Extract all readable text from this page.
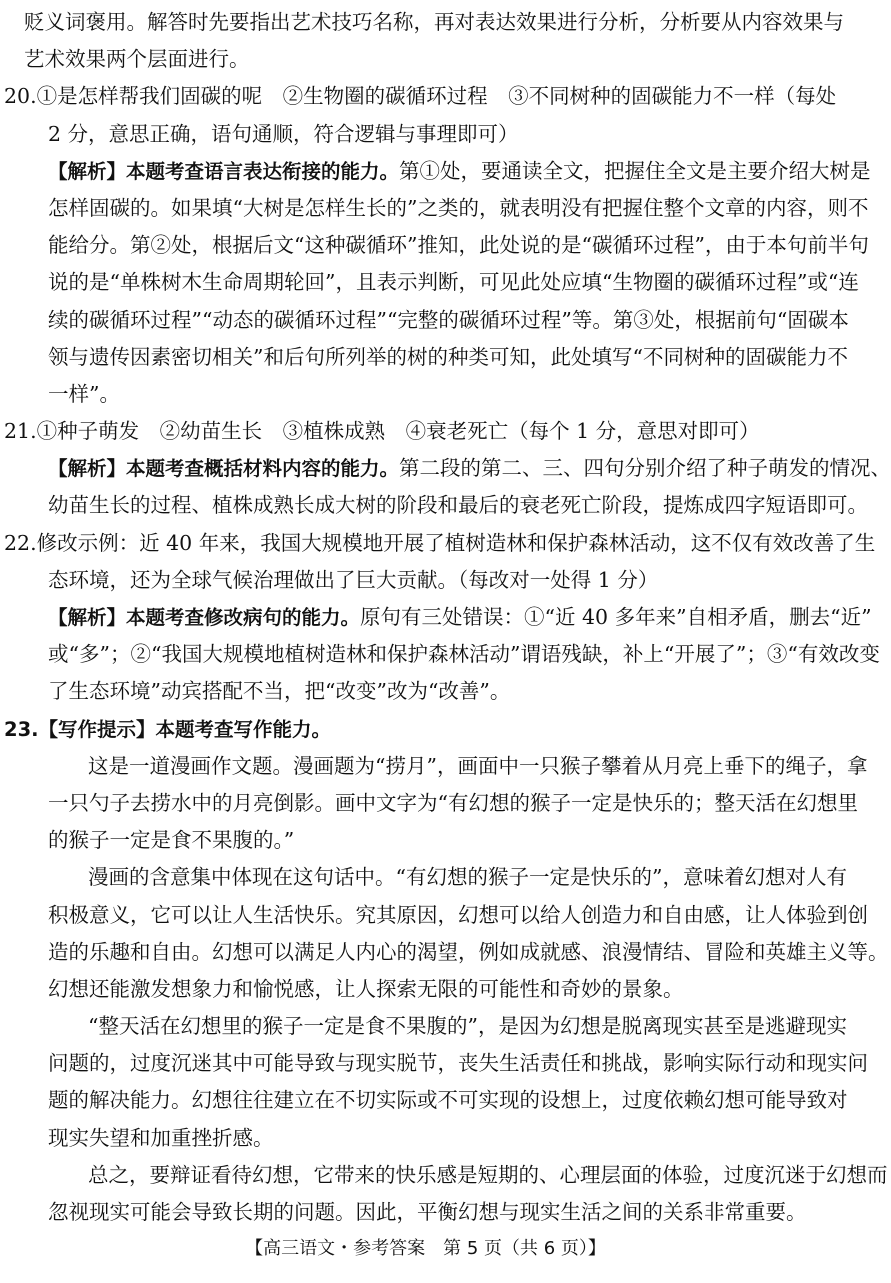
贬义词褒用。解答时先要指出艺术技巧名称，再对表达效果进行分析，分析要从内容效果与
艺术效果两个层面进行。
20.①是怎样帮我们固碳的呢　②生物圈的碳循环过程　③不同树种的固碳能力不一样（每处
2 分，意思正确，语句通顺，符合逻辑与事理即可）
【解析】本题考查语言表达衔接的能力。第①处，要通读全文，把握住全文是主要介绍大树是
怎样固碳的。如果填“大树是怎样生长的”之类的，就表明没有把握住整个文章的内容，则不
能给分。第②处，根据后文“这种碳循环”推知，此处说的是“碳循环过程”，由于本句前半句
说的是“单株树木生命周期轮回”，且表示判断，可见此处应填“生物圈的碳循环过程”或“连
续的碳循环过程”“动态的碳循环过程”“完整的碳循环过程”等。第③处，根据前句“固碳本
领与遗传因素密切相关”和后句所列举的树的种类可知，此处填写“不同树种的固碳能力不
一样”。
21.①种子萌发　②幼苗生长　③植株成熟　④衰老死亡（每个 1 分，意思对即可）
【解析】本题考查概括材料内容的能力。第二段的第二、三、四句分别介绍了种子萌发的情况、
幼苗生长的过程、植株成熟长成大树的阶段和最后的衰老死亡阶段，提炼成四字短语即可。
22.修改示例：近 40 年来，我国大规模地开展了植树造林和保护森林活动，这不仅有效改善了生
态环境，还为全球气候治理做出了巨大贡献。（每改对一处得 1 分）
【解析】本题考查修改病句的能力。原句有三处错误：①“近 40 多年来”自相矛盾，删去“近”
或“多”；②“我国大规模地植树造林和保护森林活动”谓语残缺，补上“开展了”；③“有效改变
了生态环境”动宾搭配不当，把“改变”改为“改善”。
23.【写作提示】本题考查写作能力。
这是一道漫画作文题。漫画题为“捞月”，画面中一只猴子攀着从月亮上垂下的绳子，拿
一只勺子去捞水中的月亮倒影。画中文字为“有幻想的猴子一定是快乐的；整天活在幻想里
的猴子一定是食不果腹的。”
漫画的含意集中体现在这句话中。“有幻想的猴子一定是快乐的”，意味着幻想对人有
积极意义，它可以让人生活快乐。究其原因，幻想可以给人创造力和自由感，让人体验到创
造的乐趣和自由。幻想可以满足人内心的渴望，例如成就感、浪漫情结、冒险和英雄主义等。
幻想还能激发想象力和愉悦感，让人探索无限的可能性和奇妙的景象。
“整天活在幻想里的猴子一定是食不果腹的”，是因为幻想是脱离现实甚至是逃避现实
问题的，过度沉迷其中可能导致与现实脱节，丧失生活责任和挑战，影响实际行动和现实问
题的解决能力。幻想往往建立在不切实际或不可实现的设想上，过度依赖幻想可能导致对
现实失望和加重挫折感。
总之，要辩证看待幻想，它带来的快乐感是短期的、心理层面的体验，过度沉迷于幻想而
忽视现实可能会导致长期的问题。因此，平衡幻想与现实生活之间的关系非常重要。
【高三语文・参考答案　第 5 页（共 6 页）】
